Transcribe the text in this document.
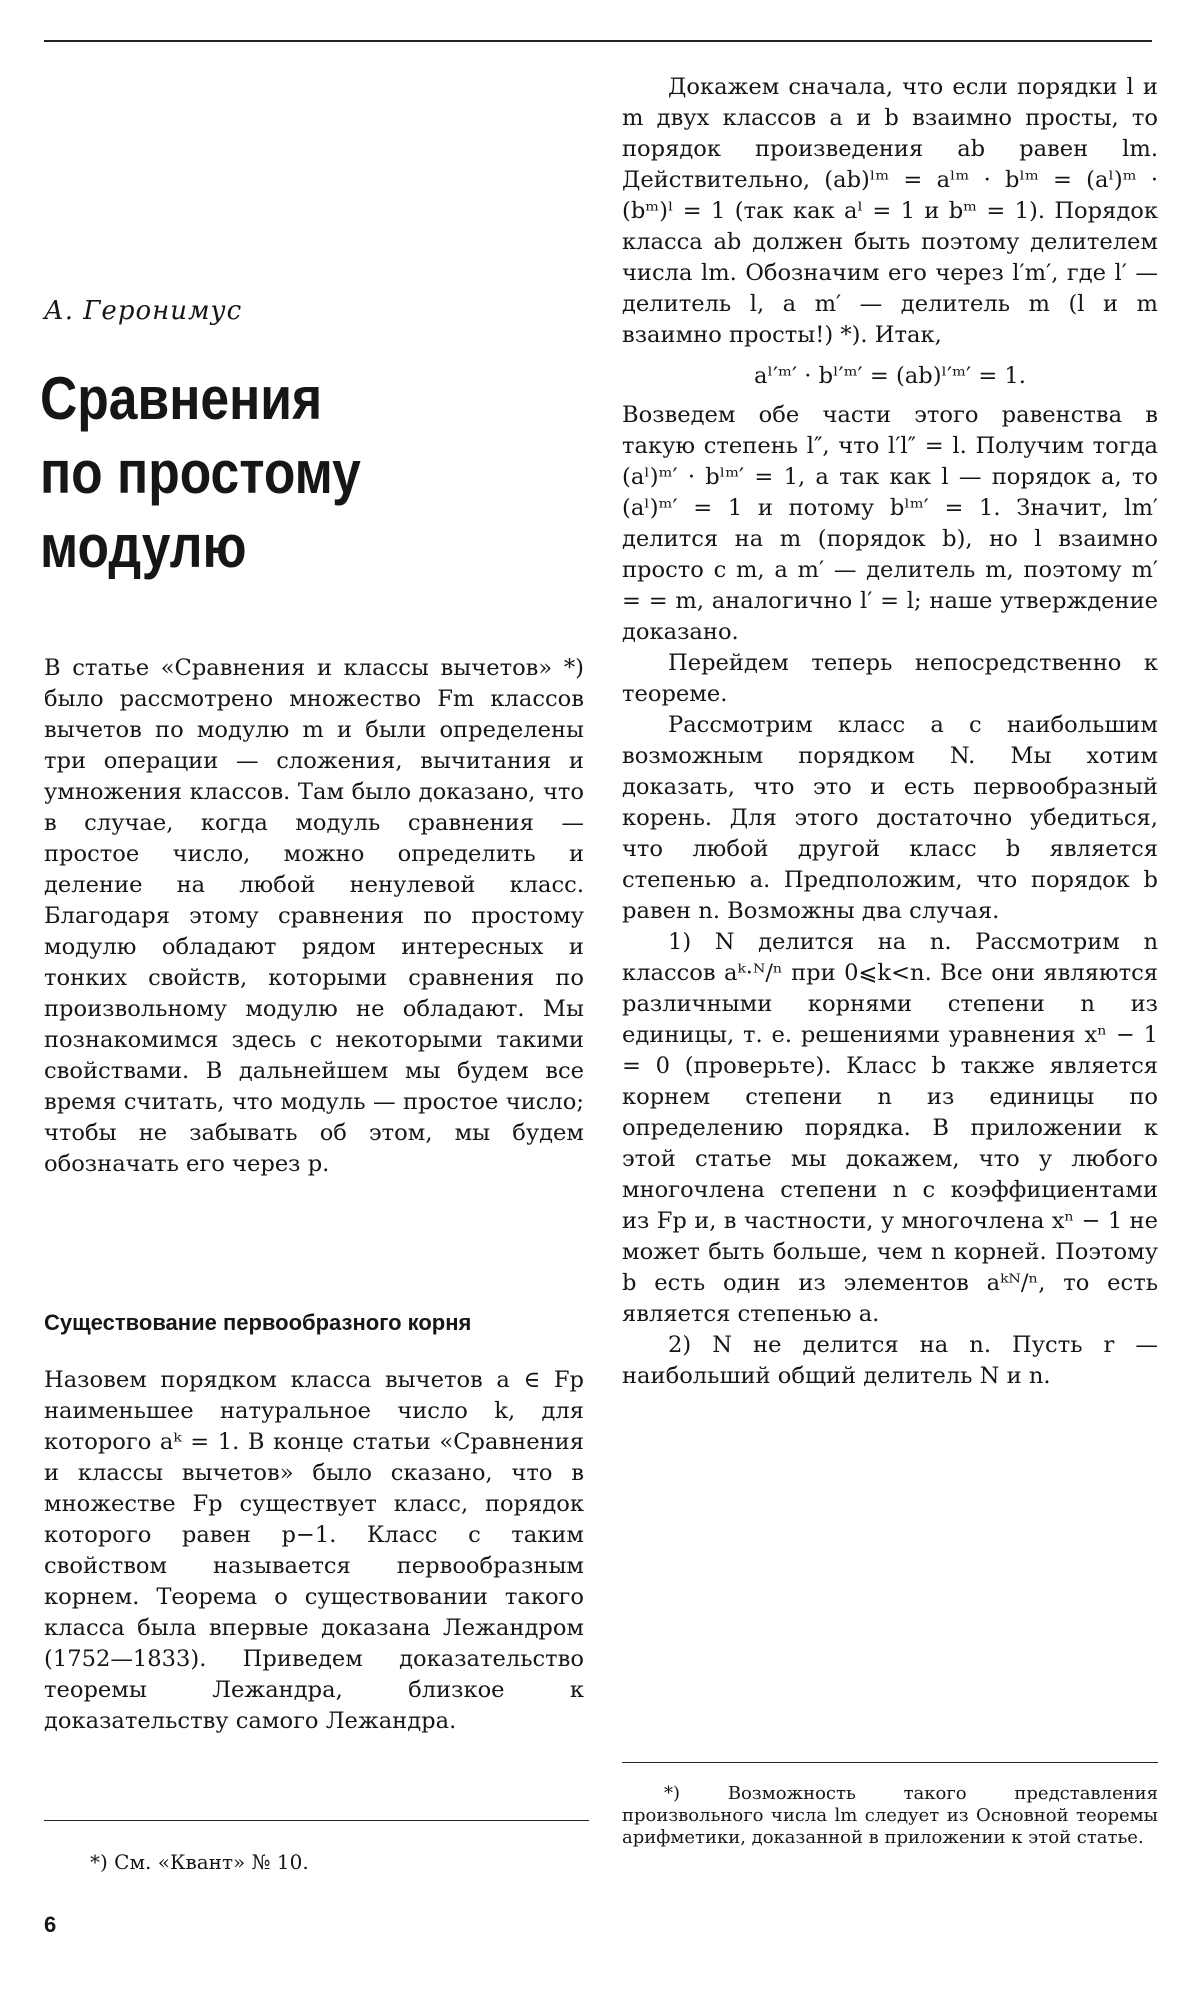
А. Геронимус
Сравнения
по простому
модулю

В статье «Сравнения и классы вычетов» *) было рассмотрено множество Fm классов вычетов по модулю m и были определены три операции — сложения, вычитания и умножения классов. Там было доказано, что в случае, когда модуль сравнения — простое число, можно определить и деление на любой ненулевой класс. Благодаря этому сравнения по простому модулю обладают рядом интересных и тонких свойств, которыми сравнения по произвольному модулю не обладают. Мы познакомимся здесь с некоторыми такими свойствами. В дальнейшем мы будем все время считать, что модуль — простое число; чтобы не забывать об этом, мы будем обозначать его через p.

Существование первообразного корня

Назовем порядком класса вычетов a ∈ Fp наименьшее натуральное число k, для которого aᵏ = 1. В конце статьи «Сравнения и классы вычетов» было сказано, что в множестве Fp существует класс, порядок которого равен p−1. Класс с таким свойством называется первообразным корнем. Теорема о существовании такого класса была впервые доказана Лежандром (1752—1833). Приведем доказательство теоремы Лежандра, близкое к доказательству самого Лежандра.

*) См. «Квант» № 10.

Докажем сначала, что если порядки l и m двух классов a и b взаимно просты, то порядок произведения ab равен lm. Действительно, (ab)ˡᵐ = aˡᵐ · bˡᵐ = (aˡ)ᵐ · (bᵐ)ˡ = 1 (так как aˡ = 1 и bᵐ = 1). Порядок класса ab должен быть поэтому делителем числа lm. Обозначим его через l′m′, где l′ — делитель l, а m′ — делитель m (l и m взаимно просты!) *). Итак,

aˡ′ᵐ′ · bˡ′ᵐ′ = (ab)ˡ′ᵐ′ = 1.

Возведем обе части этого равенства в такую степень l″, что l′l″ = l. Получим тогда (aˡ)ᵐ′ · bˡᵐ′ = 1, а так как l — порядок a, то (aˡ)ᵐ′ = 1 и потому bˡᵐ′ = 1. Значит, lm′ делится на m (порядок b), но l взаимно просто с m, а m′ — делитель m, поэтому m′ = = m, аналогично l′ = l; наше утверждение доказано.

Перейдем теперь непосредственно к теореме.

Рассмотрим класс a с наибольшим возможным порядком N. Мы хотим доказать, что это и есть первообразный корень. Для этого достаточно убедиться, что любой другой класс b является степенью a. Предположим, что порядок b равен n. Возможны два случая.

1) N делится на n. Рассмотрим n классов aᵏ·ᴺ/ⁿ при 0⩽k<n. Все они являются различными корнями степени n из единицы, т. е. решениями уравнения xⁿ − 1 = 0 (проверьте). Класс b также является корнем степени n из единицы по определению порядка. В приложении к этой статье мы докажем, что у любого многочлена степени n с коэффициентами из Fp и, в частности, у многочлена xⁿ − 1 не может быть больше, чем n корней. Поэтому b есть один из элементов aᵏᴺ/ⁿ, то есть является степенью a.

2) N не делится на n. Пусть r — наибольший общий делитель N и n.

*) Возможность такого представления произвольного числа lm следует из Основной теоремы арифметики, доказанной в приложении к этой статье.
6
